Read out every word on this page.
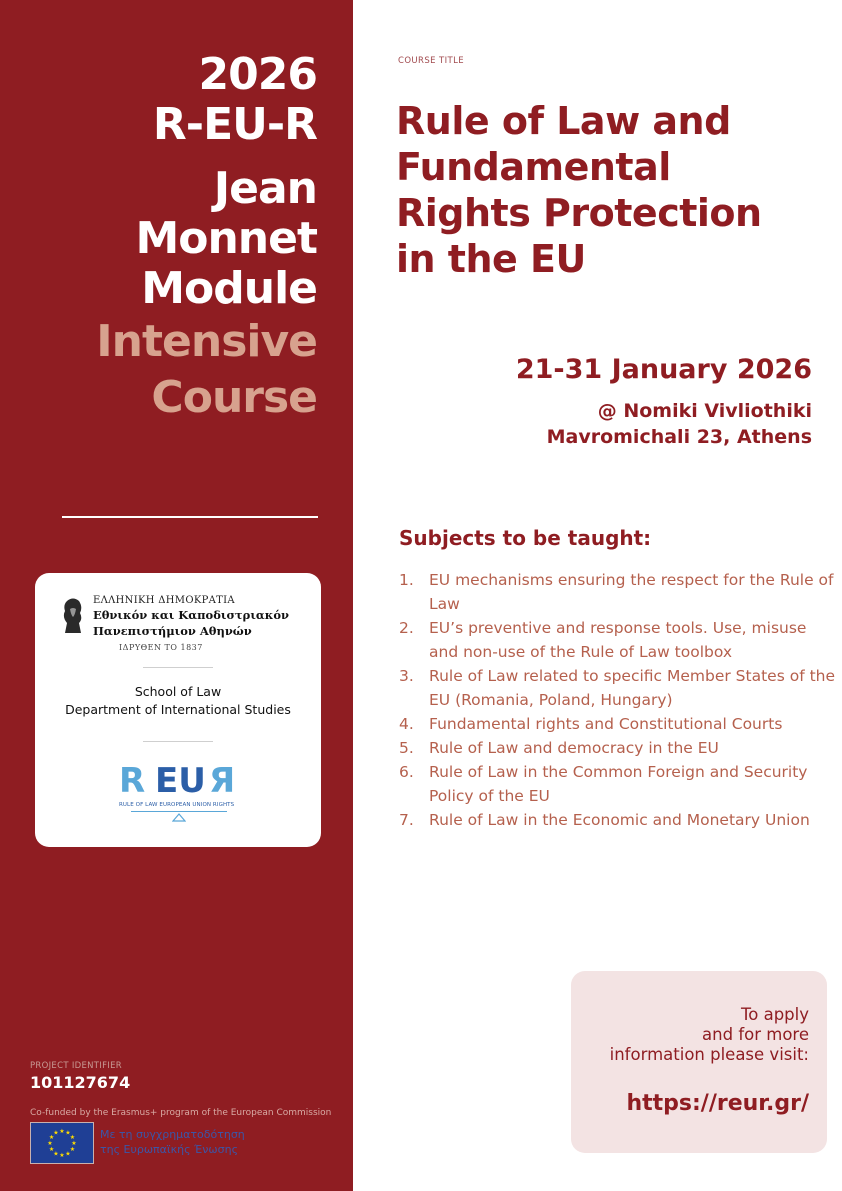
2026
R-EU-R
Jean
Monnet
Module
Intensive
Course
ΕΛΛΗΝΙΚΗ ΔΗΜΟΚΡΑΤΙΑ
Εθνικόν και Καποδιστριακόν
Πανεπιστήμιον Αθηνών
ΙΔΡΥΘΕΝ ΤΟ 1837
School of Law
Department of International Studies
R EU Я
RULE OF LAW EUROPEAN UNION RIGHTS
PROJECT IDENTIFIER
101127674
Co-funded by the Erasmus+ program of the European Commission
★ ★
★
★
★
★
★
★
★
★
★
★	Με τη συγχρηματοδότηση
της Ευρωπαϊκής Ένωσης
COURSE TITLE
Rule of Law and
Fundamental
Rights Protection
in the EU
21-31 January 2026
@ Nomiki Vivliothiki
Mavromichali 23, Athens
Subjects to be taught:
1. EU mechanisms ensuring the respect for the Rule of Law
2. EU’s preventive and response tools. Use, misuse and non-use of the Rule of Law toolbox
3. Rule of Law related to specific Member States of the EU (Romania, Poland, Hungary)
4. Fundamental rights and Constitutional Courts
5. Rule of Law and democracy in the EU
6. Rule of Law in the Common Foreign and Security Policy of the EU
7. Rule of Law in the Economic and Monetary Union
To apply
and for more
information please visit:
https://reur.gr/
